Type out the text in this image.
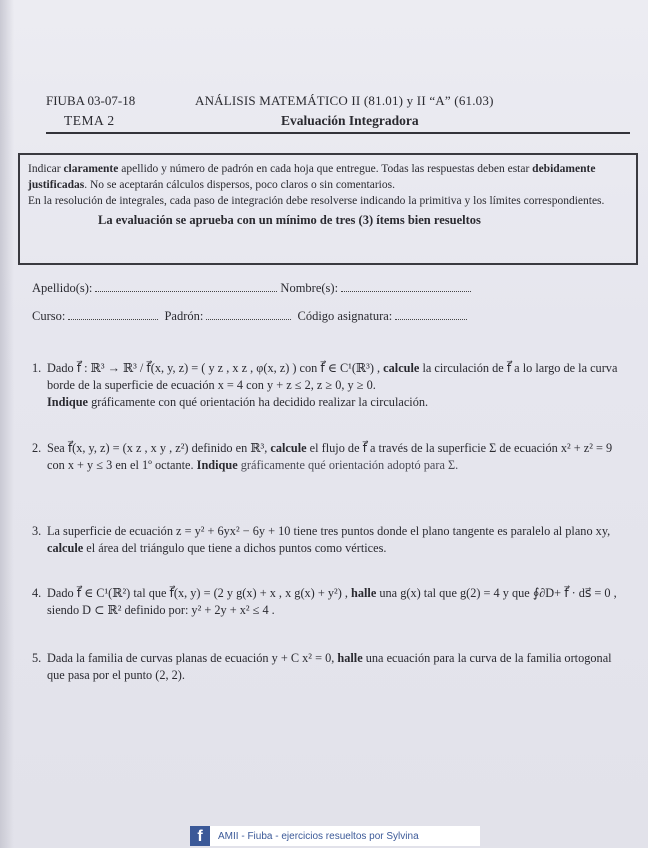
FIUBA 03-07-18
TEMA 2
ANÁLISIS MATEMÁTICO II (81.01) y II “A” (61.03)
Evaluación Integradora

Indicar claramente apellido y número de padrón en cada hoja que entregue. Todas las respuestas deben estar debidamente justificadas. No se aceptarán cálculos dispersos, poco claros o sin comentarios.

En la resolución de integrales, cada paso de integración debe resolverse indicando la primitiva y los límites correspondientes.

La evaluación se aprueba con un mínimo de tres (3) ítems bien resueltos

Apellido(s):	Nombre(s):
Curso:	Padrón:	Código asignatura:
1. Dado f⃗ : ℝ³ → ℝ³ / f⃗(x, y, z) = ( y z , x z , φ(x, z) ) con f⃗ ∈ C¹(ℝ³) , calcule la circulación de f⃗ a lo largo de la curva borde de la superficie de ecuación x = 4 con y + z ≤ 2, z ≥ 0, y ≥ 0.

Indique gráficamente con qué orientación ha decidido realizar la circulación.

2. Sea f⃗(x, y, z) = (x z , x y , z²) definido en ℝ³, calcule el flujo de f⃗ a través de la superficie Σ de ecuación x² + z² = 9 con x + y ≤ 3 en el 1º octante. Indique gráficamente qué orientación adoptó para Σ.

3. La superficie de ecuación z = y² + 6yx² − 6y + 10 tiene tres puntos donde el plano tangente es paralelo al plano xy, calcule el área del triángulo que tiene a dichos puntos como vértices.

4. Dado f⃗ ∈ C¹(ℝ²) tal que f⃗(x, y) = (2 y g(x) + x , x g(x) + y²) , halle una g(x) tal que g(2) = 4 y que ∮∂D+ f⃗ · ds⃗ = 0 , siendo D ⊂ ℝ² definido por: y² + 2y + x² ≤ 4 .

5. Dada la familia de curvas planas de ecuación y + C x² = 0, halle una ecuación para la curva de la familia ortogonal que pasa por el punto (2, 2).

f	AMII - Fiuba - ejercicios resueltos por Sylvina
